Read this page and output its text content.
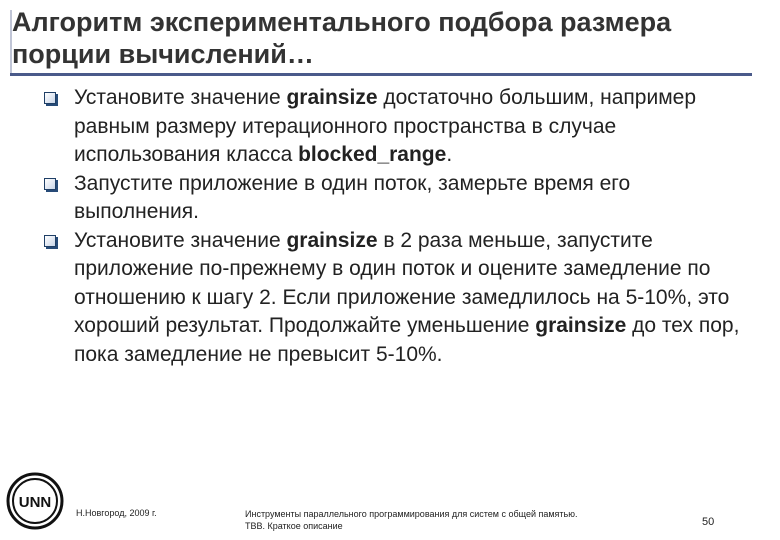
Алгоритм экспериментального подбора размера порции вычислений…
Установите значение grainsize достаточно большим, например равным размеру итерационного пространства в случае использования класса blocked_range.
Запустите приложение в один поток, замерьте время его выполнения.
Установите значение grainsize в 2 раза меньше, запустите приложение по-прежнему в один поток и оцените замедление по отношению к шагу 2. Если приложение замедлилось на 5-10%, это хороший результат. Продолжайте уменьшение grainsize до тех пор, пока замедление не превысит 5-10%.
UNN
Н.Новгород, 2009 г.	Инструменты параллельного программирования для систем с общей памятью.
TBB. Краткое описание	50
